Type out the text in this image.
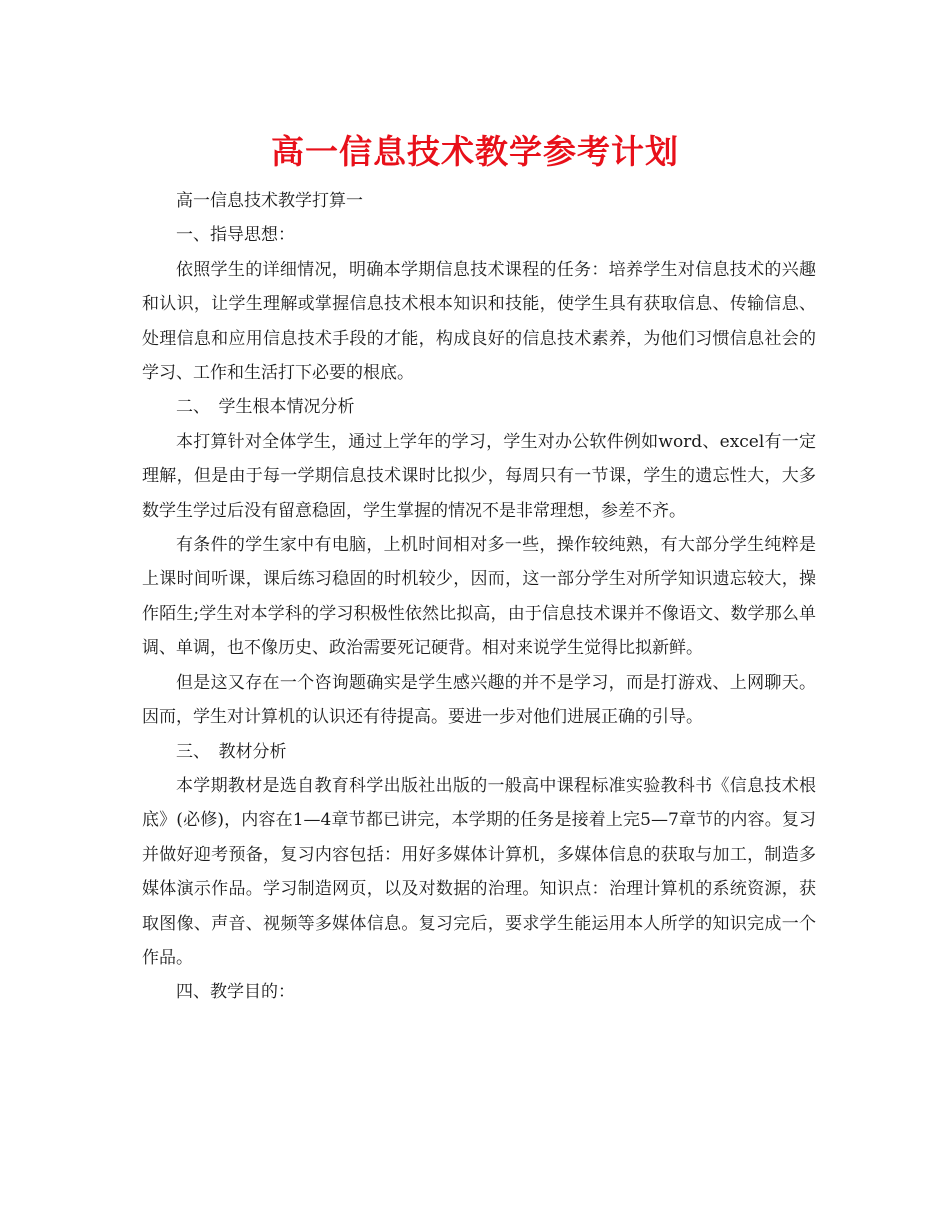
高一信息技术教学参考计划

高一信息技术教学打算一

一、指导思想：

依照学生的详细情况，明确本学期信息技术课程的任务：培养学生对信息技术的兴趣和认识，让学生理解或掌握信息技术根本知识和技能，使学生具有获取信息、传输信息、处理信息和应用信息技术手段的才能，构成良好的信息技术素养，为他们习惯信息社会的学习、工作和生活打下必要的根底。

二、　学生根本情况分析

本打算针对全体学生，通过上学年的学习，学生对办公软件例如word、excel有一定理解，但是由于每一学期信息技术课时比拟少，每周只有一节课，学生的遗忘性大，大多数学生学过后没有留意稳固，学生掌握的情况不是非常理想，参差不齐。

有条件的学生家中有电脑，上机时间相对多一些，操作较纯熟，有大部分学生纯粹是上课时间听课，课后练习稳固的时机较少，因而，这一部分学生对所学知识遗忘较大，操作陌生;学生对本学科的学习积极性依然比拟高，由于信息技术课并不像语文、数学那么单调、单调，也不像历史、政治需要死记硬背。相对来说学生觉得比拟新鲜。

但是这又存在一个咨询题确实是学生感兴趣的并不是学习，而是打游戏、上网聊天。因而，学生对计算机的认识还有待提高。要进一步对他们进展正确的引导。

三、　教材分析

本学期教材是选自教育科学出版社出版的一般高中课程标准实验教科书《信息技术根底》(必修)，内容在1—4章节都已讲完，本学期的任务是接着上完5—7章节的内容。复习并做好迎考预备，复习内容包括：用好多媒体计算机，多媒体信息的获取与加工，制造多媒体演示作品。学习制造网页，以及对数据的治理。知识点：治理计算机的系统资源，获取图像、声音、视频等多媒体信息。复习完后，要求学生能运用本人所学的知识完成一个作品。

四、教学目的：
